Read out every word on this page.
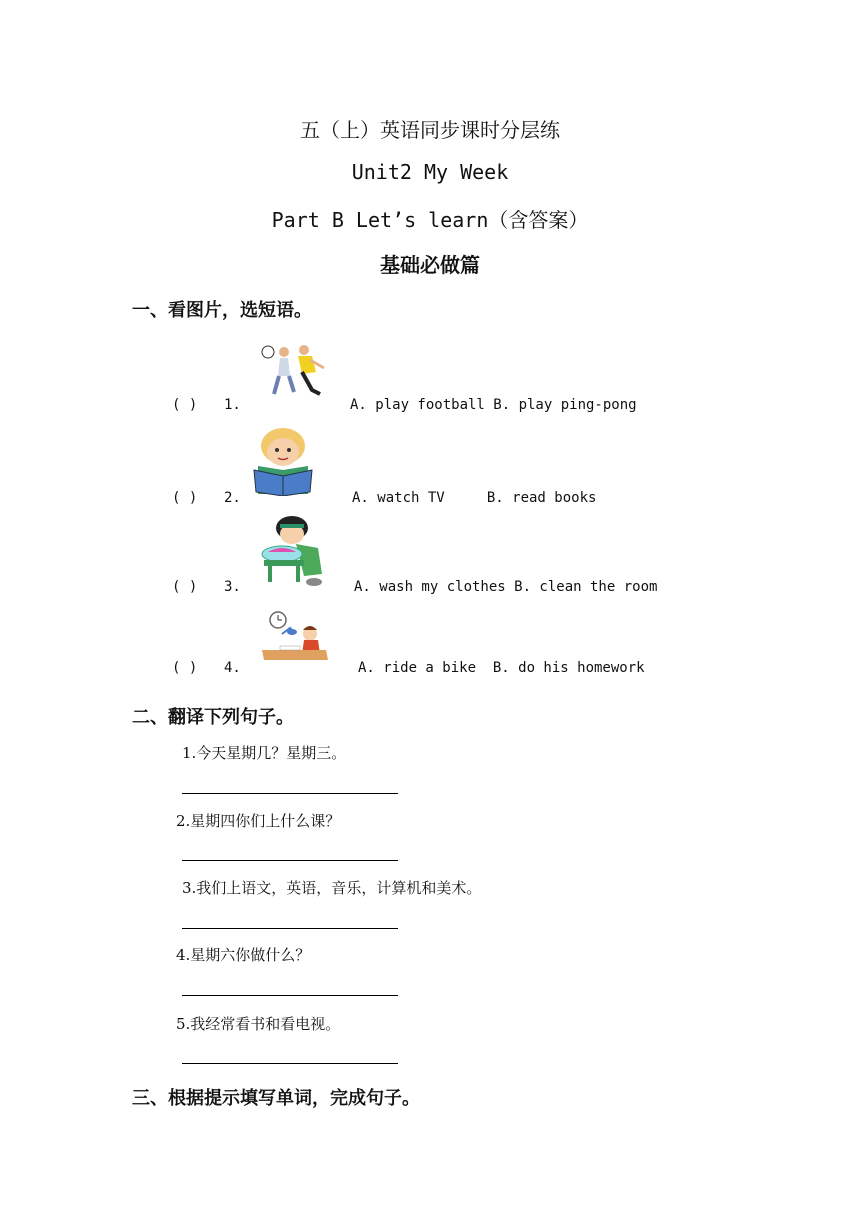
五（上）英语同步课时分层练
Unit2 My Week
Part B Let’s learn（含答案）
基础必做篇
一、看图片，选短语。
( ) 1.	A. play football B. play ping-pong
( ) 2.	A. watch TV     B. read books
( ) 3.	A. wash my clothes B. clean the room
( ) 4.	A. ride a bike  B. do his homework
二、翻译下列句子。
1.今天星期几？星期三。
2.星期四你们上什么课？
3.我们上语文，英语，音乐，计算机和美术。
4.星期六你做什么？
5.我经常看书和看电视。
三、根据提示填写单词，完成句子。
